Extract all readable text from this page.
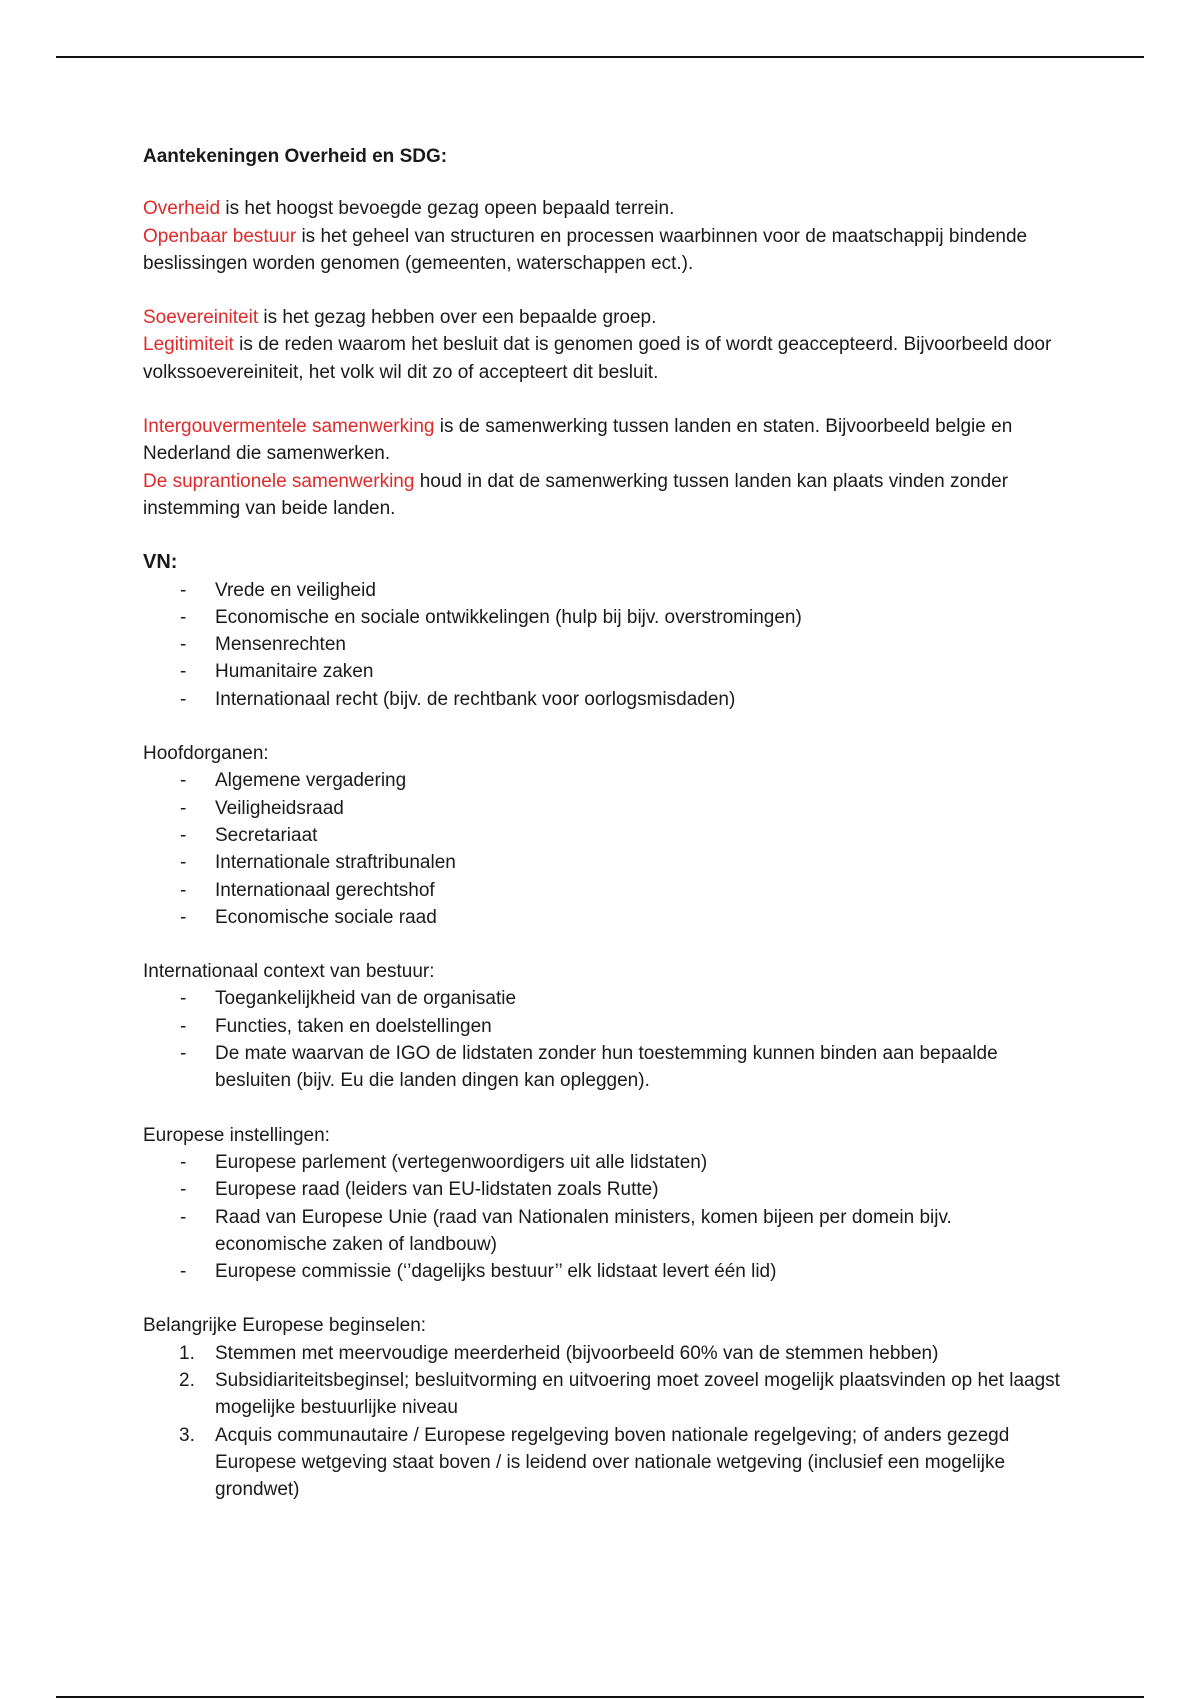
Aantekeningen Overheid en SDG:

Overheid is het hoogst bevoegde gezag opeen bepaald terrein.

Openbaar bestuur is het geheel van structuren en processen waarbinnen voor de maatschappij bindende beslissingen worden genomen (gemeenten, waterschappen ect.).

Soevereiniteit is het gezag hebben over een bepaalde groep.

Legitimiteit is de reden waarom het besluit dat is genomen goed is of wordt geaccepteerd. Bijvoorbeeld door volkssoevereiniteit, het volk wil dit zo of accepteert dit besluit.

Intergouvermentele samenwerking is de samenwerking tussen landen en staten. Bijvoorbeeld belgie en Nederland die samenwerken.

De suprantionele samenwerking houd in dat de samenwerking tussen landen kan plaats vinden zonder instemming van beide landen.

VN:

- Vrede en veiligheid
- Economische en sociale ontwikkelingen (hulp bij bijv. overstromingen)
- Mensenrechten
- Humanitaire zaken
- Internationaal recht (bijv. de rechtbank voor oorlogsmisdaden)

Hoofdorganen:

- Algemene vergadering
- Veiligheidsraad
- Secretariaat
- Internationale straftribunalen
- Internationaal gerechtshof
- Economische sociale raad

Internationaal context van bestuur:

- Toegankelijkheid van de organisatie
- Functies, taken en doelstellingen
- De mate waarvan de IGO de lidstaten zonder hun toestemming kunnen binden aan bepaalde besluiten (bijv. Eu die landen dingen kan opleggen).

Europese instellingen:

- Europese parlement (vertegenwoordigers uit alle lidstaten)
- Europese raad (leiders van EU-lidstaten zoals Rutte)
- Raad van Europese Unie (raad van Nationalen ministers, komen bijeen per domein bijv. economische zaken of landbouw)
- Europese commissie (‘’dagelijks bestuur’’ elk lidstaat levert één lid)

Belangrijke Europese beginselen:

1. Stemmen met meervoudige meerderheid (bijvoorbeeld 60% van de stemmen hebben)
2. Subsidiariteitsbeginsel; besluitvorming en uitvoering moet zoveel mogelijk plaatsvinden op het laagst mogelijke bestuurlijke niveau
3. Acquis communautaire / Europese regelgeving boven nationale regelgeving; of anders gezegd Europese wetgeving staat boven / is leidend over nationale wetgeving (inclusief een mogelijke grondwet)
